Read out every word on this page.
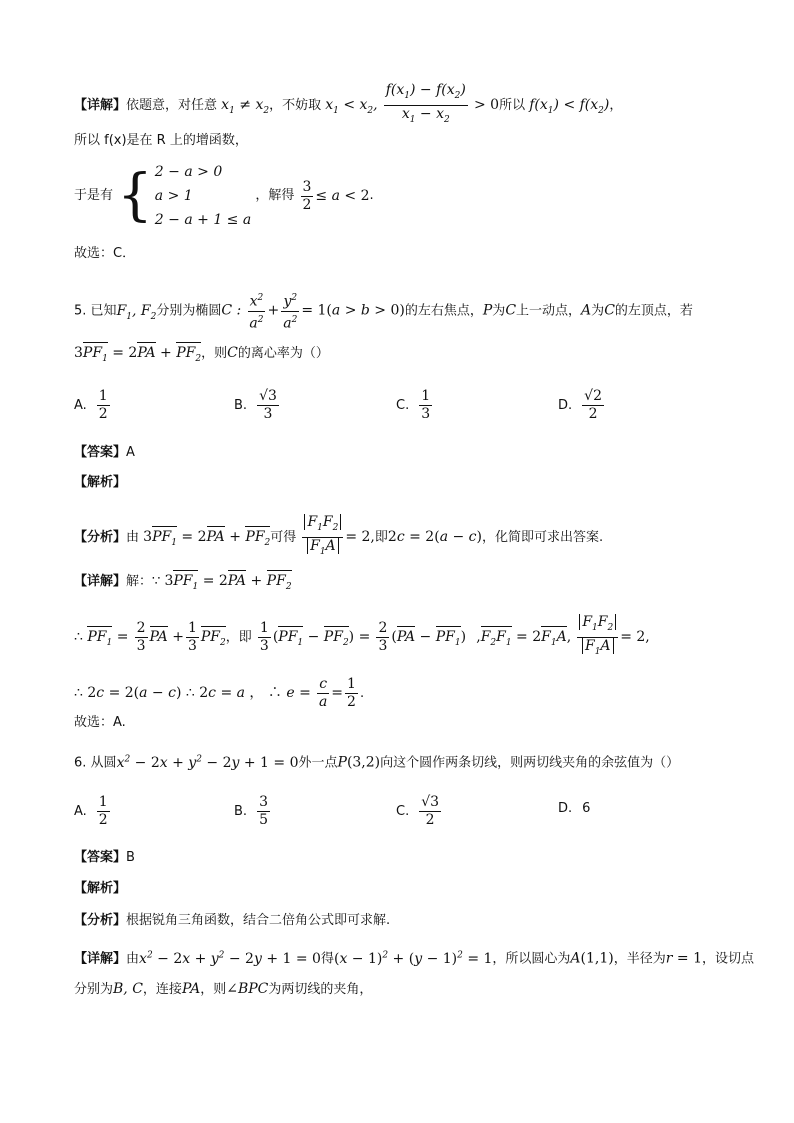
【详解】依题意，对任意 $x_1 \ne x_2$，不妨取 $x_1 < x_2$, $\frac{f(x_1) - f(x_2)}{x_1 - x_2} > 0$所以 $f(x_1) < f(x_2)$，
所以 f(x)是在 R 上的增函数，
于是有 { 2 − a > 0
a > 1
2 − a + 1 ≤ a
，解得 $\frac{3}{2} \le a < 2$.
故选：C．
5. 已知$F_1$, $F_2$分别为椭圆C : $\frac{x^2}{a^2} + \frac{y^2}{a^2} = 1(a > b > 0)$的左右焦点，P为C上一动点，A为C的左顶点，若
$3PF_1 = 2PA + PF_2$，则C的离心率为（）
A. $\frac{1}{2}$	B. $\frac{√3}{3}$	C. $\frac{1}{3}$	D. $\frac{√2}{2}$
【答案】A
【解析】
【分析】由 $3PF_1 = 2PA + PF_2$可得 $\frac{F_1F_2}{F_1A} = 2$,即2c = 2(a − c)，化简即可求出答案.
【详解】解：∵ $3PF_1 = 2PA + PF_2$
∴ $PF_1 = \frac{2}{3}$ PA + $\frac{1}{3} PF_2$，即 $\frac{1}{3} (PF_1 - PF_2) = \frac{2}{3} (PA - PF_1) ,F_2F_1 = 2F_1A$, $\frac{F_1F_2}{F_1A} = 2$,
∴ 2c = 2(a − c) ∴ 2c = a ， ∴ $e = \frac{c}{a} = \frac{1}{2}$ .
故选：A.
6. 从圆$x^2 - 2x + y^2 - 2y + 1 = 0$外一点P(3,2)向这个圆作两条切线，则两切线夹角的余弦值为（）
A. $\frac{1}{2}$	B. $\frac{3}{5}$	C. $\frac{√3}{2}$	D. 6
【答案】B
【解析】
【分析】根据锐角三角函数，结合二倍角公式即可求解.
【详解】由$x^2 - 2x + y^2 - 2y + 1 = 0$得$(x - 1)^2 + (y - 1)^2 = 1$，所以圆心为A(1,1)，半径为r = 1，设切点
分别为B, C，连接PA，则∠BPC为两切线的夹角，
